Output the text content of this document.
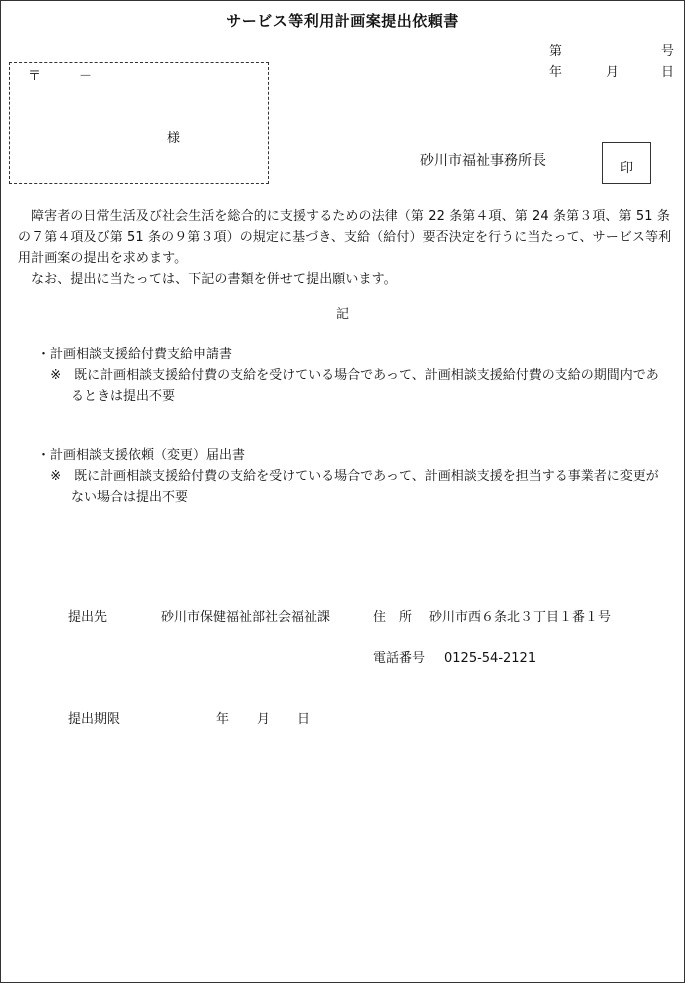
サービス等利用計画案提出依頼書
第	号
年	月	日
〒	－
様
砂川市福祉事務所長	印

障害者の日常生活及び社会生活を総合的に支援するための法律（第 22 条第４項、第 24 条第３項、第 51 条の７第４項及び第 51 条の９第３項）の規定に基づき、支給（給付）要否決定を行うに当たって、サービス等利用計画案の提出を求めます。

なお、提出に当たっては、下記の書類を併せて提出願います。

記
・計画相談支援給付費支給申請書
※　既に計画相談支援給付費の支給を受けている場合であって、計画相談支援給付費の支給の期間内であるときは提出不要
・計画相談支援依頼（変更）届出書
※　既に計画相談支援給付費の支給を受けている場合であって、計画相談支援を担当する事業者に変更がない場合は提出不要
提出先	砂川市保健福祉部社会福祉課	住　所 砂川市西６条北３丁目１番１号
電話番号 0125-54-2121
提出期限	年 月 日
